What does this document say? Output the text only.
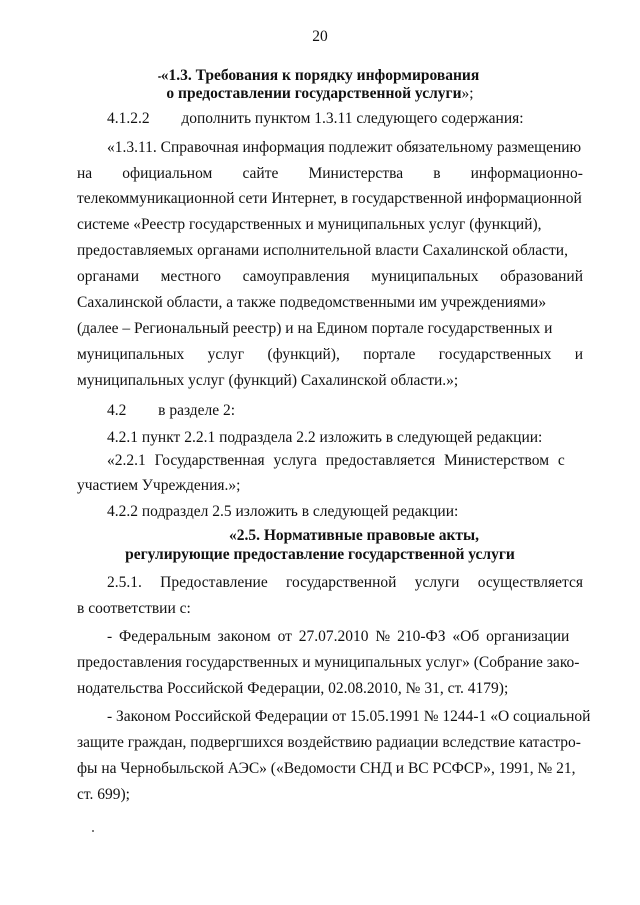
20
«1.3. Требования к порядку информирования
о предоставлении государственной услуги»;
4.1.2.2 дополнить пунктом 1.3.11 следующего содержания:
«1.3.11. Справочная информация подлежит обязательному размещению
на официальном сайте Министерства в информационно-
телекоммуникационной сети Интернет, в государственной информационной
системе «Реестр государственных и муниципальных услуг (функций),
предоставляемых органами исполнительной власти Сахалинской области,
органами местного самоуправления муниципальных образований
Сахалинской области, а также подведомственными им учреждениями»
(далее – Региональный реестр) и на Едином портале государственных и
муниципальных услуг (функций), портале государственных и
муниципальных услуг (функций) Сахалинской области.»;
4.2 в разделе 2:
4.2.1 пункт 2.2.1 подраздела 2.2 изложить в следующей редакции:
«2.2.1 Государственная услуга предоставляется Министерством с
участием Учреждения.»;
4.2.2 подраздел 2.5 изложить в следующей редакции:
«2.5. Нормативные правовые акты,
регулирующие предоставление государственной услуги
2.5.1. Предоставление государственной услуги осуществляется
в соответствии с:
- Федеральным законом от 27.07.2010 № 210-ФЗ «Об организации
предоставления государственных и муниципальных услуг» (Собрание зако-
нодательства Российской Федерации, 02.08.2010, № 31, ст. 4179);
- Законом Российской Федерации от 15.05.1991 № 1244-1 «О социальной
защите граждан, подвергшихся воздействию радиации вследствие катастро-
фы на Чернобыльской АЭС» («Ведомости СНД и ВС РСФСР», 1991, № 21,
ст. 699);
